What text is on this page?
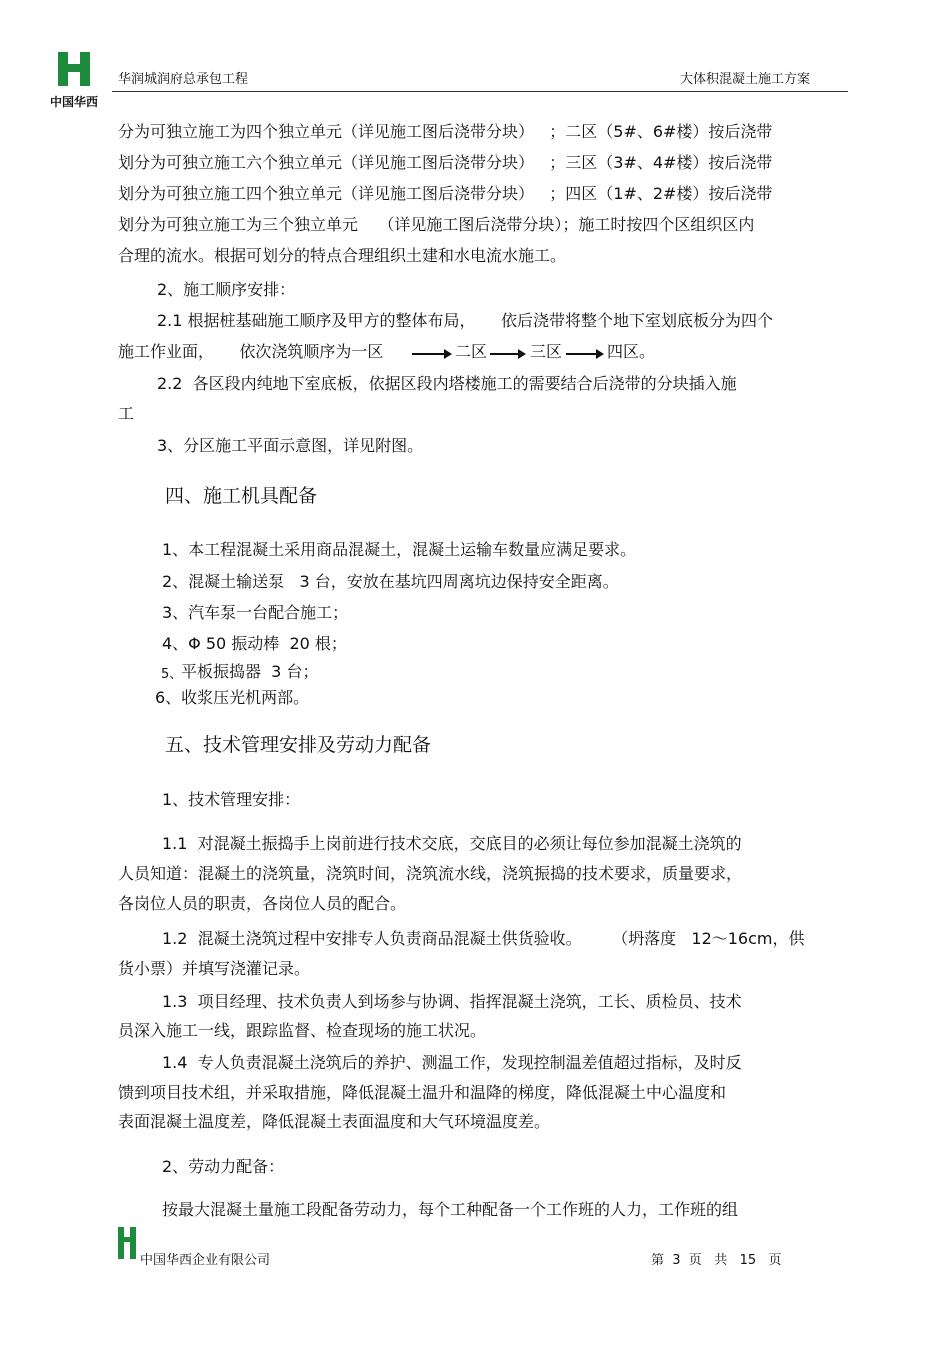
中国华西
华润城润府总承包工程	大体积混凝土施工方案
分为可独立施工为四个独立单元（详见施工图后浇带分块）   ；二区（5#、6#楼）按后浇带
划分为可独立施工六个独立单元（详见施工图后浇带分块）   ；三区（3#、4#楼）按后浇带
划分为可独立施工四个独立单元（详见施工图后浇带分块）   ；四区（1#、2#楼）按后浇带
划分为可独立施工为三个独立单元    （详见施工图后浇带分块）；施工时按四个区组织区内
合理的流水。根据可划分的特点合理组织土建和水电流水施工。
2、施工顺序安排：
2.1 根据桩基础施工顺序及甲方的整体布局，     依后浇带将整个地下室划底板分为四个
施工作业面，     依次浇筑顺序为一区	二区	三区	四区。
2.2  各区段内纯地下室底板，依据区段内塔楼施工的需要结合后浇带的分块插入施
工
3、分区施工平面示意图，详见附图。
四、施工机具配备
1、本工程混凝土采用商品混凝土，混凝土运输车数量应满足要求。
2、混凝土输送泵   3 台，安放在基坑四周离坑边保持安全距离。
3、汽车泵一台配合施工；
4、Φ 50 振动棒  20 根；
5、
平板振捣器  3 台；
6、收浆压光机两部。
五、技术管理安排及劳动力配备
1、技术管理安排：
1.1  对混凝土振捣手上岗前进行技术交底，交底目的必须让每位参加混凝土浇筑的
人员知道：混凝土的浇筑量，浇筑时间，浇筑流水线，浇筑振捣的技术要求，质量要求，
各岗位人员的职责，各岗位人员的配合。
1.2  混凝土浇筑过程中安排专人负责商品混凝土供货验收。      （坍落度   12～16cm，供
货小票）并填写浇灌记录。
1.3  项目经理、技术负责人到场参与协调、指挥混凝土浇筑，工长、质检员、技术
员深入施工一线，跟踪监督、检查现场的施工状况。
1.4  专人负责混凝土浇筑后的养护、测温工作，发现控制温差值超过指标，及时反
馈到项目技术组，并采取措施，降低混凝土温升和温降的梯度，降低混凝土中心温度和
表面混凝土温度差，降低混凝土表面温度和大气环境温度差。
2、劳动力配备：
按最大混凝土量施工段配备劳动力，每个工种配备一个工作班的人力，工作班的组
中国华西企业有限公司	第  3  页   共   15   页
